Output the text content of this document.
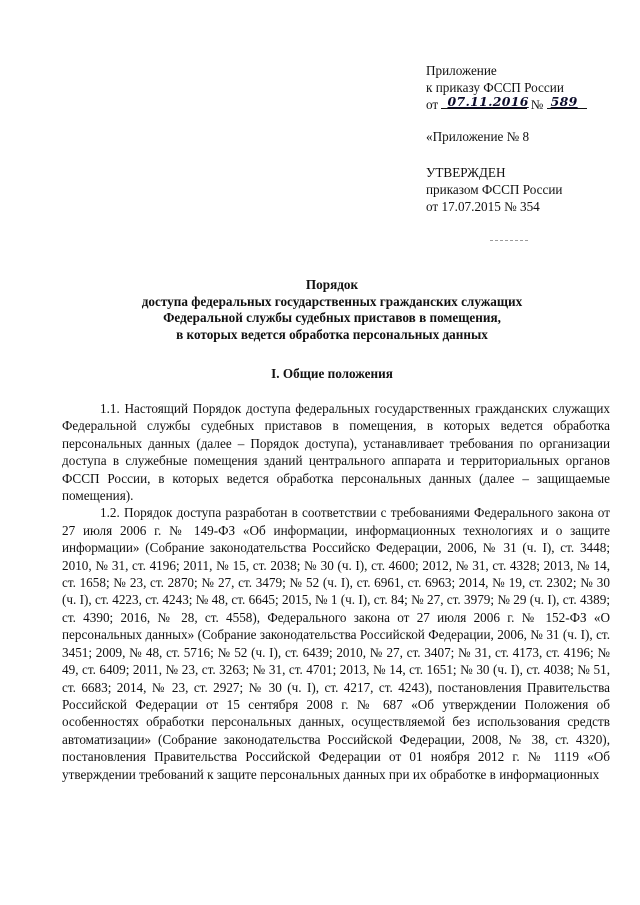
Приложение
к приказу ФССП России
от 07.11.2016 № 589
«Приложение № 8
УТВЕРЖДЕН
приказом ФССП России
от 17.07.2015 № 354
Порядок
доступа федеральных государственных гражданских служащих
Федеральной службы судебных приставов в помещения,
в которых ведется обработка персональных данных
I. Общие положения

1.1. Настоящий Порядок доступа федеральных государственных гражданских служащих Федеральной службы судебных приставов в помещения, в которых ведется обработка персональных данных (далее – Порядок доступа), устанавливает требования по организации доступа в служебные помещения зданий центрального аппарата и территориальных органов ФССП России, в которых ведется обработка персональных данных (далее – защищаемые помещения).

1.2. Порядок доступа разработан в соответствии с требованиями Федерального закона от 27 июля 2006 г. № 149-ФЗ «Об информации, информационных технологиях и о защите информации» (Собрание законодательства Российско Федерации, 2006, № 31 (ч. I), ст. 3448; 2010, № 31, ст. 4196; 2011, № 15, ст. 2038; № 30 (ч. I), ст. 4600; 2012, № 31, ст. 4328; 2013, № 14, ст. 1658; № 23, ст. 2870; № 27, ст. 3479; № 52 (ч. I), ст. 6961, ст. 6963; 2014, № 19, ст. 2302; № 30 (ч. I), ст. 4223, ст. 4243; № 48, ст. 6645; 2015, № 1 (ч. I), ст. 84; № 27, ст. 3979; № 29 (ч. I), ст. 4389; ст. 4390; 2016, № 28, ст. 4558), Федерального закона от 27 июля 2006 г. № 152-ФЗ «О персональных данных» (Собрание законодательства Российской Федерации, 2006, № 31 (ч. I), ст. 3451; 2009, № 48, ст. 5716; № 52 (ч. I), ст. 6439; 2010, № 27, ст. 3407; № 31, ст. 4173, ст. 4196; № 49, ст. 6409; 2011, № 23, ст. 3263; № 31, ст. 4701; 2013, № 14, ст. 1651; № 30 (ч. I), ст. 4038; № 51, ст. 6683; 2014, № 23, ст. 2927; № 30 (ч. I), ст. 4217, ст. 4243), постановления Правительства Российской Федерации от 15 сентября 2008 г. № 687 «Об утверждении Положения об особенностях обработки персональных данных, осуществляемой без использования средств автоматизации» (Собрание законодательства Российской Федерации, 2008, № 38, ст. 4320), постановления Правительства Российской Федерации от 01 ноября 2012 г. № 1119 «Об утверждении требований к защите персональных данных при их обработке в информационных
